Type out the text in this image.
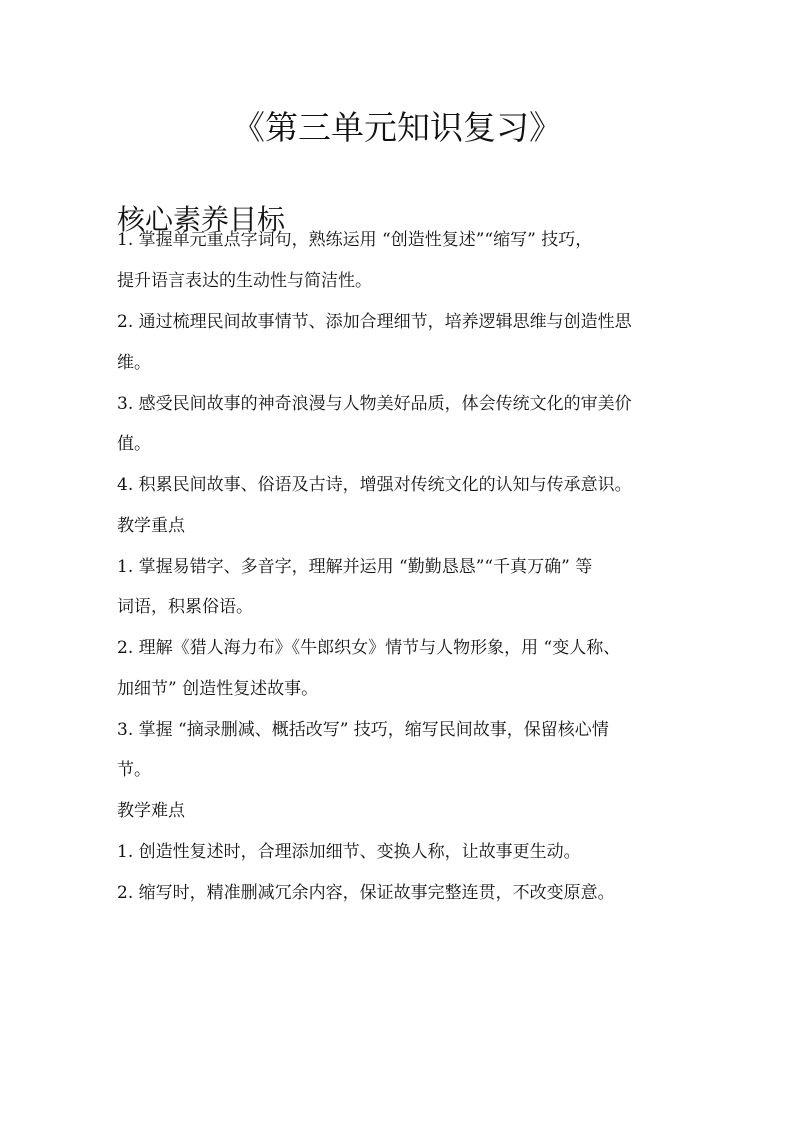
《第三单元知识复习》
核心素养目标
1. 掌握单元重点字词句，熟练运用 “创造性复述”“缩写” 技巧，
提升语言表达的生动性与简洁性。
2. 通过梳理民间故事情节、添加合理细节，培养逻辑思维与创造性思
维。
3. 感受民间故事的神奇浪漫与人物美好品质，体会传统文化的审美价
值。
4. 积累民间故事、俗语及古诗，增强对传统文化的认知与传承意识。
教学重点
1. 掌握易错字、多音字，理解并运用 “勤勤恳恳”“千真万确” 等
词语，积累俗语。
2. 理解《猎人海力布》《牛郎织女》情节与人物形象，用 “变人称、
加细节” 创造性复述故事。
3. 掌握 “摘录删减、概括改写” 技巧，缩写民间故事，保留核心情
节。
教学难点
1. 创造性复述时，合理添加细节、变换人称，让故事更生动。
2. 缩写时，精准删减冗余内容，保证故事完整连贯，不改变原意。
